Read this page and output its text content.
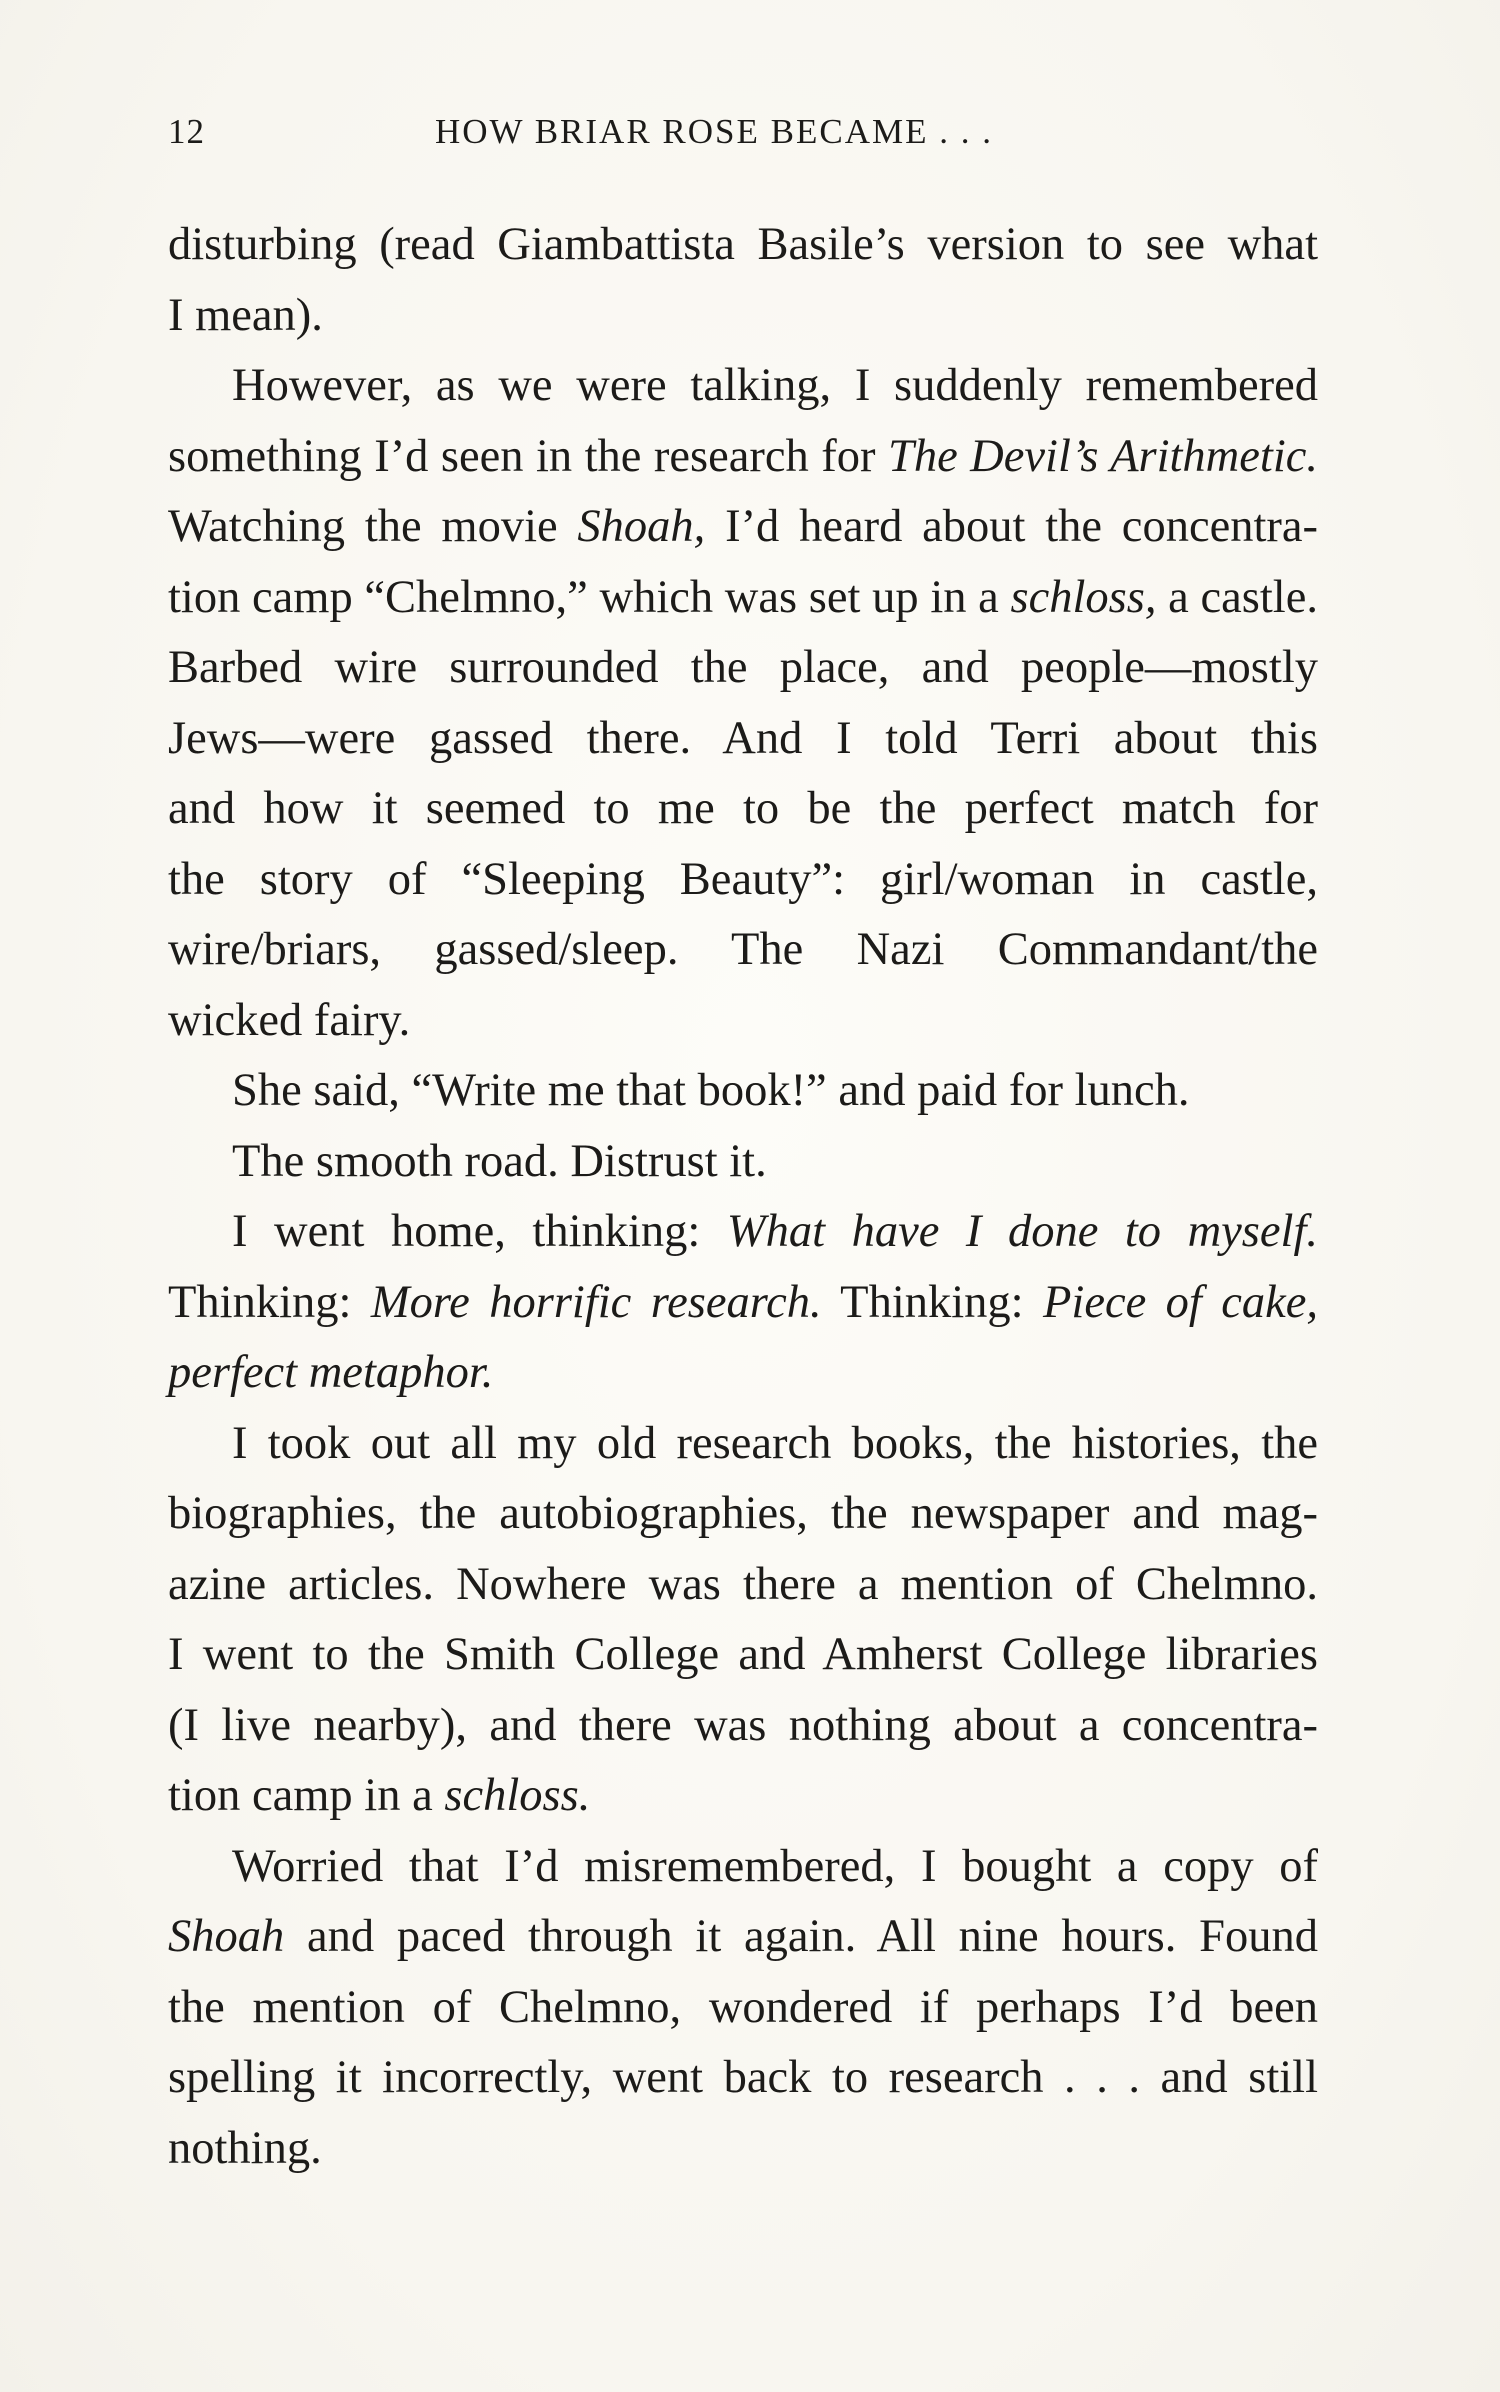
12	HOW BRIAR ROSE BECAME . . .
disturbing (read Giambattista Basile’s version to see what
I mean).
However, as we were talking, I suddenly remembered
something I’d seen in the research for The Devil’s Arithmetic.
Watching the movie Shoah, I’d heard about the concentra-
tion camp “Chelmno,” which was set up in a schloss, a castle.
Barbed wire surrounded the place, and people—mostly
Jews—were gassed there. And I told Terri about this
and how it seemed to me to be the perfect match for
the story of “Sleeping Beauty”: girl/woman in castle,
wire/briars, gassed/sleep. The Nazi Commandant/the
wicked fairy.
She said, “Write me that book!” and paid for lunch.
The smooth road. Distrust it.
I went home, thinking: What have I done to myself.
Thinking: More horrific research. Thinking: Piece of cake,
perfect metaphor.
I took out all my old research books, the histories, the
biographies, the autobiographies, the newspaper and mag-
azine articles. Nowhere was there a mention of Chelmno.
I went to the Smith College and Amherst College libraries
(I live nearby), and there was nothing about a concentra-
tion camp in a schloss.
Worried that I’d misremembered, I bought a copy of
Shoah and paced through it again. All nine hours. Found
the mention of Chelmno, wondered if perhaps I’d been
spelling it incorrectly, went back to research . . . and still
nothing.
